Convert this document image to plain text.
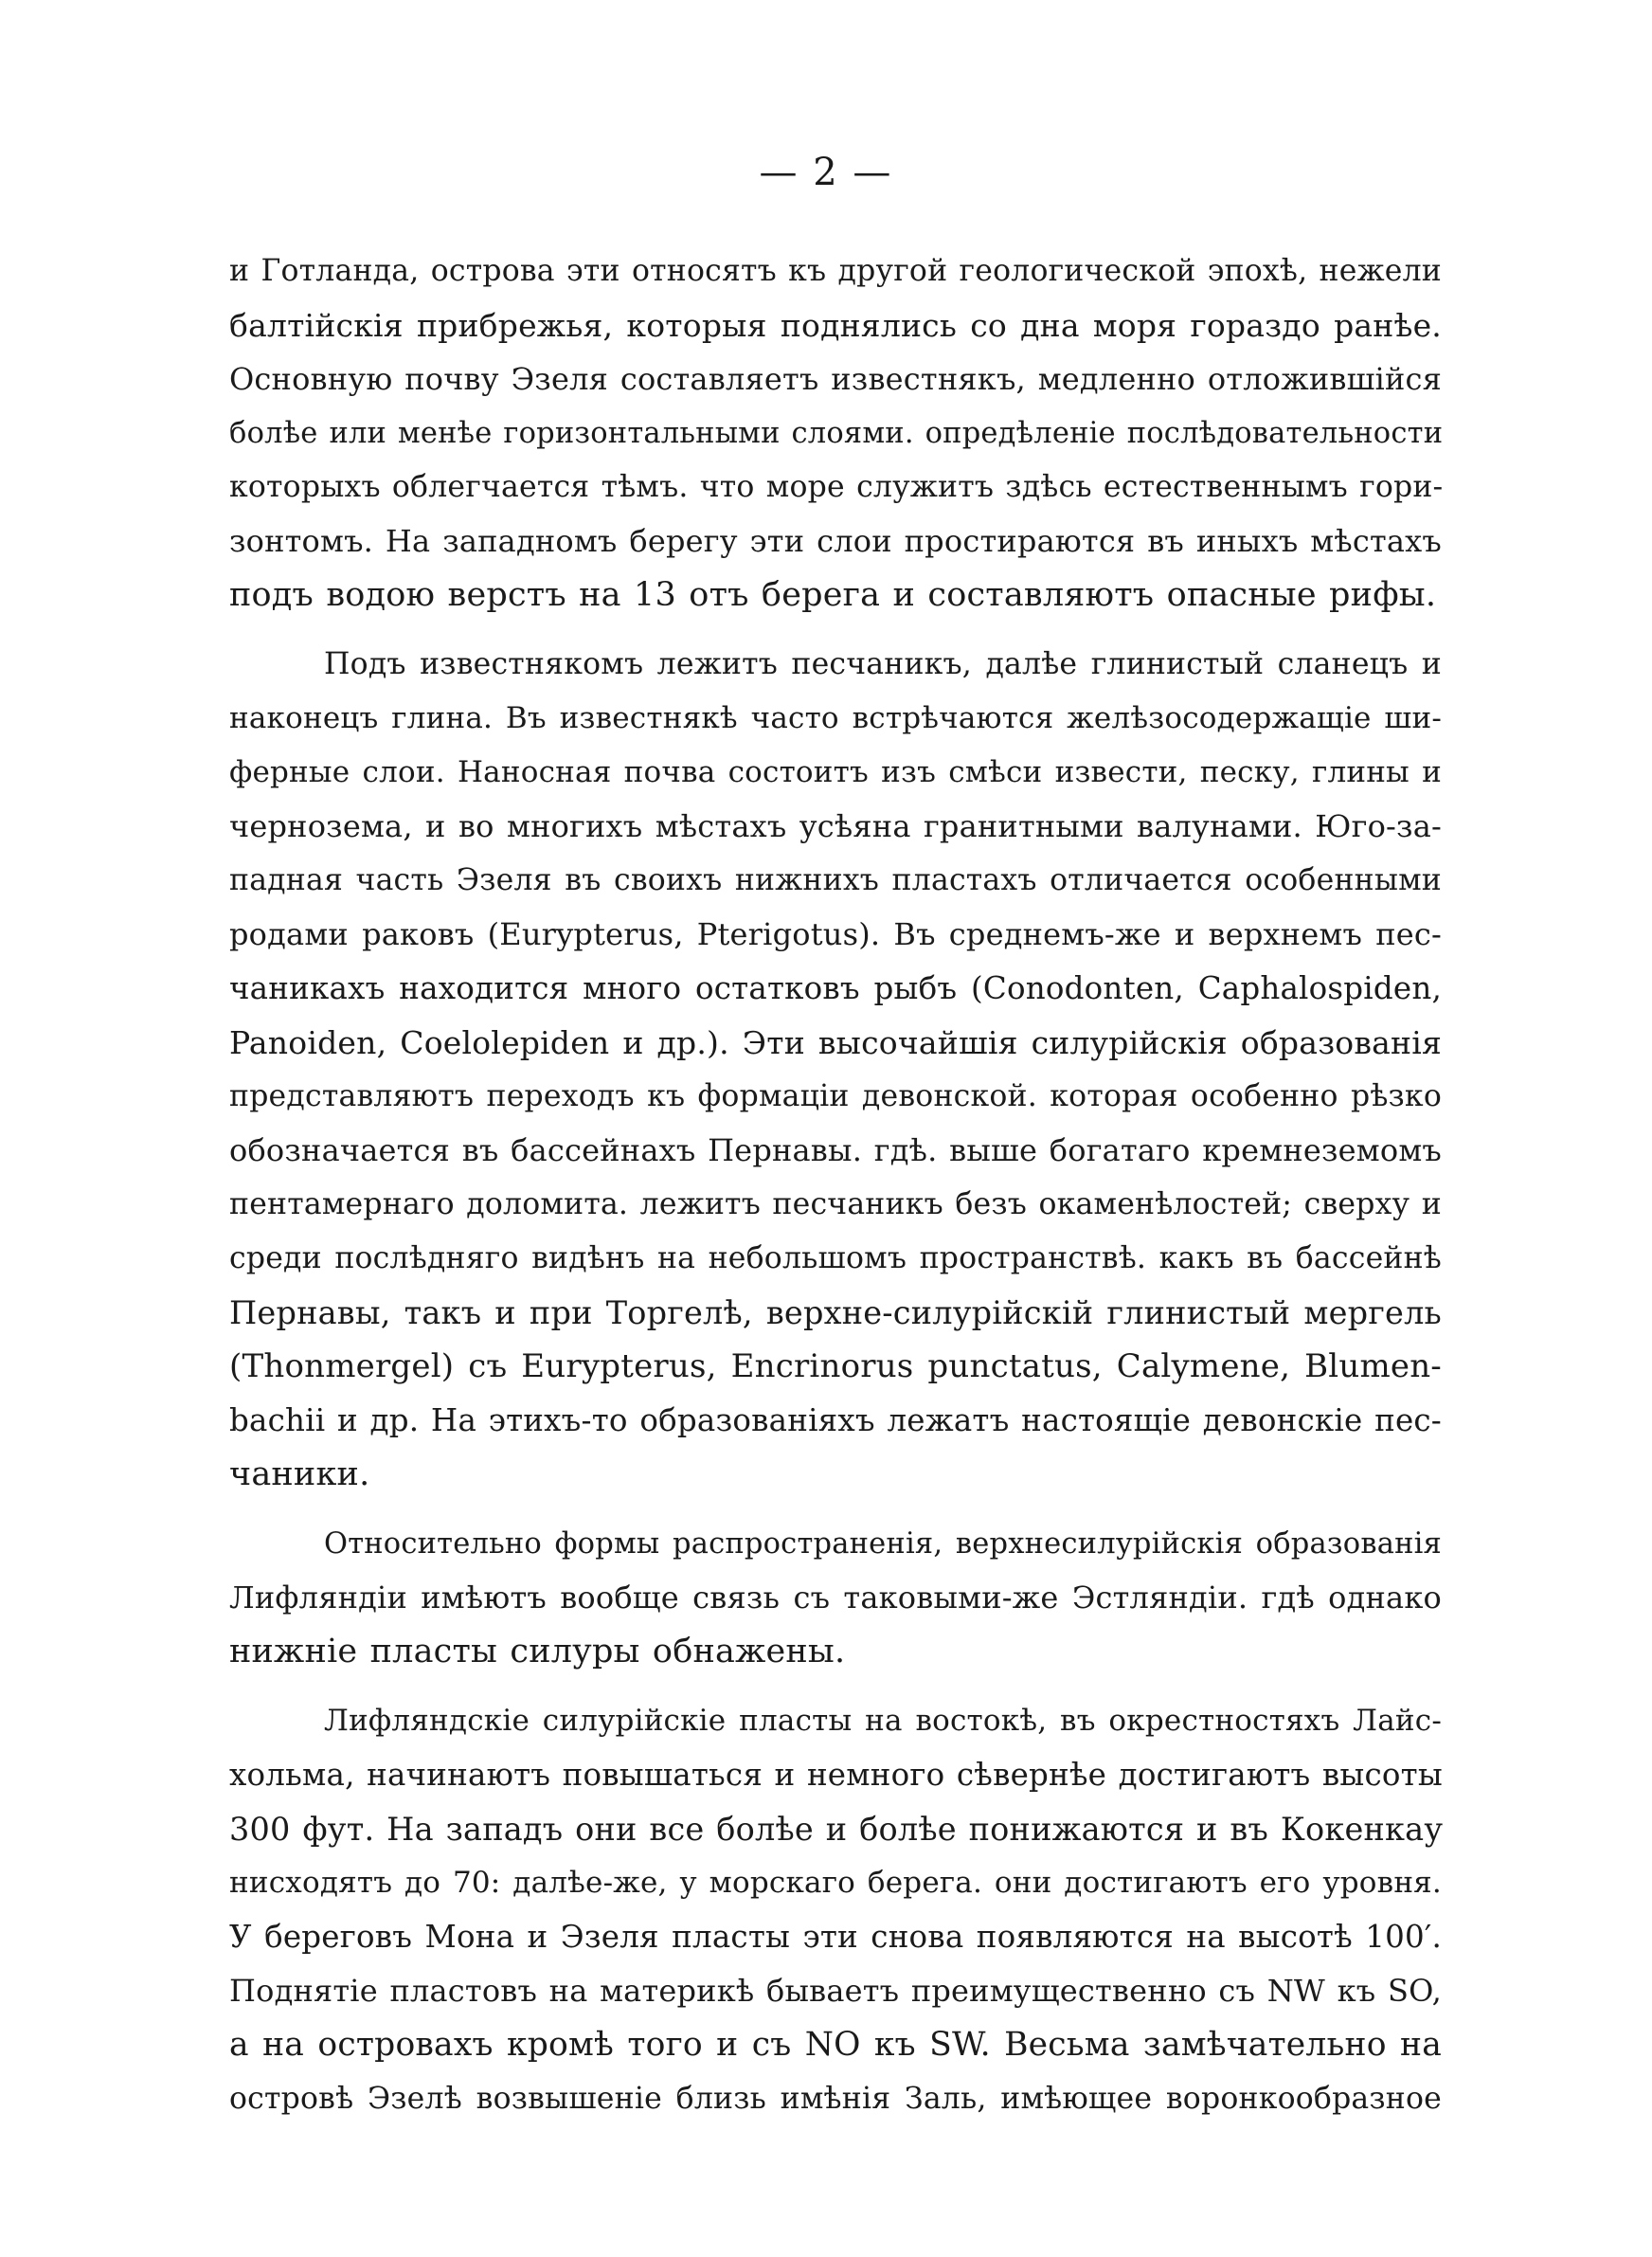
— 2 —
и Готланда, острова эти относятъ къ другой геологической эпохѣ, нежели
балтійскія прибрежья, которыя поднялись со дна моря гораздо ранѣе.
Основную почву Эзеля составляетъ известнякъ, медленно отложившійся
болѣе или менѣе горизонтальными слоями. опредѣленіе послѣдовательности
которыхъ облегчается тѣмъ. что море служитъ здѣсь естественнымъ гори-
зонтомъ. На западномъ берегу эти слои простираются въ иныхъ мѣстахъ
подъ водою верстъ на 13 отъ берега и составляютъ опасные рифы.
Подъ известнякомъ лежитъ песчаникъ, далѣе глинистый сланецъ и
наконецъ глина. Въ известнякѣ часто встрѣчаются желѣзосодержащіе ши-
ферные слои. Наносная почва состоитъ изъ смѣси извести, песку, глины и
чернозема, и во многихъ мѣстахъ усѣяна гранитными валунами. Юго-за-
падная часть Эзеля въ своихъ нижнихъ пластахъ отличается особенными
родами раковъ (Eurypterus, Pterigotus). Въ среднемъ-же и верхнемъ пес-
чаникахъ находится много остатковъ рыбъ (Conodonten, Caphalospiden,
Panoiden, Coelolepiden и др.). Эти высочайшія силурійскія образованія
представляютъ переходъ къ формаціи девонской. которая особенно рѣзко
обозначается въ бассейнахъ Пернавы. гдѣ. выше богатаго кремнеземомъ
пентамернаго доломита. лежитъ песчаникъ безъ окаменѣлостей; сверху и
среди послѣдняго видѣнъ на небольшомъ пространствѣ. какъ въ бассейнѣ
Пернавы, такъ и при Торгелѣ, верхне-силурійскій глинистый мергель
(Thonmergel) съ Eurypterus, Encrinorus punctatus, Calymene, Blumen-
bachii и др. На этихъ-то образованіяхъ лежатъ настоящіе девонскіе пес-
чаники.
Относительно формы распространенія, верхнесилурійскія образованія
Лифляндіи имѣютъ вообще связь съ таковыми-же Эстляндіи. гдѣ однако
нижніе пласты силуры обнажены.
Лифляндскіе силурійскіе пласты на востокѣ, въ окрестностяхъ Лайс-
хольма, начинаютъ повышаться и немного сѣвернѣе достигаютъ высоты
300 фут. На западъ они все болѣе и болѣе понижаются и въ Кокенкау
нисходятъ до 70: далѣе-же, у морскаго берега. они достигаютъ его уровня.
У береговъ Мона и Эзеля пласты эти снова появляются на высотѣ 100′.
Поднятіе пластовъ на материкѣ бываетъ преимущественно съ NW къ SO,
а на островахъ кромѣ того и съ NO къ SW. Весьма замѣчательно на
островѣ Эзелѣ возвышеніе близь имѣнія Заль, имѣющее воронкообразное
